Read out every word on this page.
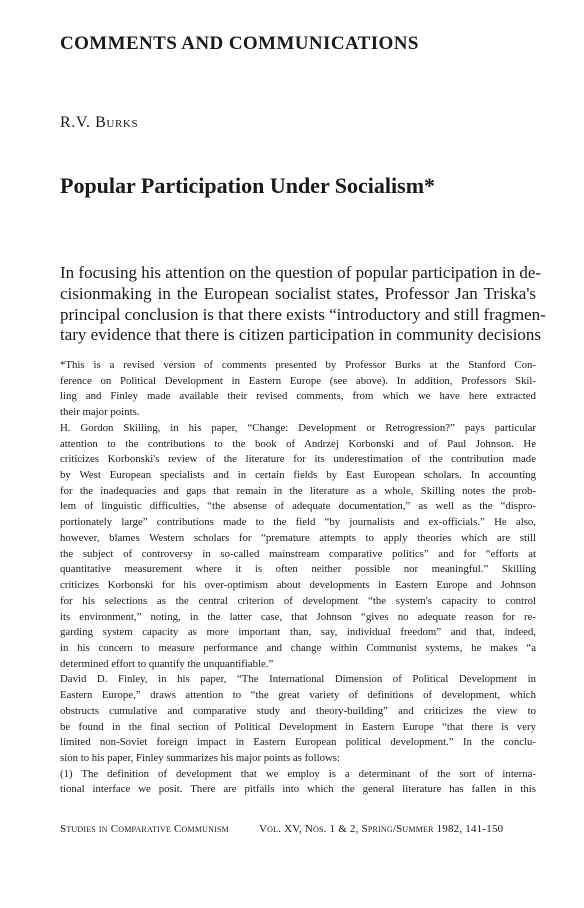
COMMENTS AND COMMUNICATIONS
R.V. Burks
Popular Participation Under Socialism*
In focusing his attention on the question of popular participation in de-
cisionmaking in the European socialist states, Professor Jan Triska's
principal conclusion is that there exists “introductory and still fragmen-
tary evidence that there is citizen participation in community decisions
*This is a revised version of comments presented by Professor Burks at the Stanford Con-
ference on Political Development in Eastern Europe (see above). In addition, Professors Skil-
ling and Finley made available their revised comments, from which we have here extracted
their major points.
H. Gordon Skilling, in his paper, “Change: Development or Retrogression?” pays particular
attention to the contributions to the book of Andrzej Korbonski and of Paul Johnson. He
criticizes Korbonski's review of the literature for its underestimation of the contribution made
by West European specialists and in certain fields by East European scholars. In accounting
for the inadequacies and gaps that remain in the literature as a whole, Skilling notes the prob-
lem of linguistic difficulties, “the absense of adequate documentation,” as well as the “dispro-
portionately large” contributions made to the field “by journalists and ex-officials.” He also,
however, blames Western scholars for “premature attempts to apply theories which are still
the subject of controversy in so-called mainstream comparative politics” and for “efforts at
quantitative measurement where it is often neither possible nor meaningful.” Skilling
criticizes Korbonski for his over-optimism about developments in Eastern Europe and Johnson
for his selections as the central criterion of development “the system's capacity to control
its environment,” noting, in the latter case, that Johnson “gives no adequate reason for re-
garding system capacity as more important than, say, individual freedom” and that, indeed,
in his concern to measure performance and change within Communist systems, he makes “a
determined effort to quantify the unquantifiable.”
David D. Finley, in his paper, “The International Dimension of Political Development in
Eastern Europe,” draws attention to “the great variety of definitions of development, which
obstructs cumulative and comparative study and theory-building” and criticizes the view to
be found in the final section of Political Development in Eastern Europe “that there is very
limited non-Soviet foreign impact in Eastern European political development.” In the conclu-
sion to his paper, Finley summarizes his major points as follows:
(1) The definition of development that we employ is a determinant of the sort of interna-
tional interface we posit. There are pitfalls into which the general literature has fallen in this
Studies in Comparative Communism	Vol. XV, Nos. 1 & 2, Spring/Summer 1982, 141-150
